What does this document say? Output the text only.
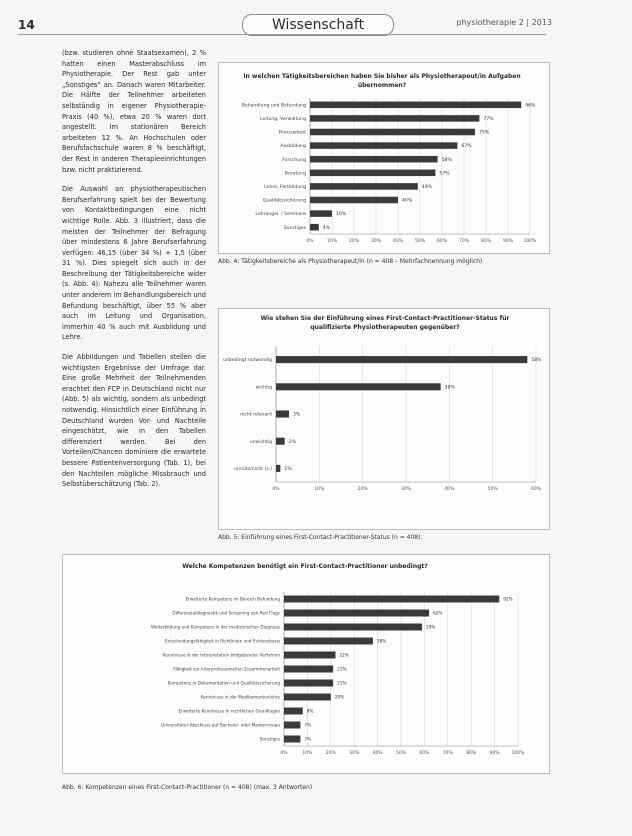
14	Wissenschaft	physiotherapie 2 | 2013

(bzw. studieren ohne Staatsexamen), 2 % hatten einen Masterabschluss im Physiotherapie. Der Rest gab unter „Sonstiges“ an. Danach waren Mitarbeiter. Die Hälfte der Teilnehmer arbeiteten selbständig in eigener Physiotherapie-Praxis (40 %), etwa 20 % waren dort angestellt. Im stationären Bereich arbeiteten 12 %. An Hochschulen oder Berufsfachschule waren 8 % beschäftigt, der Rest in anderen Therapieeinrichtungen bzw. nicht praktizierend.

Die Auswahl an physiotherapeutischen Berufserfahrung spielt bei der Bewertung von Kontaktbedingungen eine nicht wichtige Rolle. Abb. 3 illustriert, dass die meisten der Teilnehmer der Befragung über mindestens 6 Jahre Berufserfahrung verfügen: 46,15 (über 34 %) + 1,5 (über 31 %). Dies spiegelt sich auch in der Beschreibung der Tätigkeitsbereiche wider (s. Abb. 4): Nahezu alle Teilnehmer waren unter anderem im Behandlungsbereich und Befundung beschäftigt, über 55 % aber auch im Leitung und Organisation, immerhin 40 % auch mit Ausbildung und Lehre.

Die Abbildungen und Tabellen stellen die wichtigsten Ergebnisse der Umfrage dar. Eine große Mehrheit der Teilnehmenden erachtet den FCP in Deutschland nicht nur (Abb. 5) als wichtig, sondern als unbedingt notwendig. Hinsichtlich einer Einführung in Deutschland wurden Vor- und Nachteile eingeschätzt, wie in den Tabellen differenziert werden. Bei den Vorteilen/Chancen dominiere die erwartete bessere Patientenversorgung (Tab. 1), bei den Nachteilen mögliche Missbrauch und Selbstüberschätzung (Tab. 2).

In welchen Tätigkeitsbereichen haben Sie bisher als Physiotherapeut/in Aufgaben übernommen?
0%	10%	20%	30%	40%	50%	60%	70%	80%	90% 100%
Behandlung und Befundung	96%
Leitung, Verwaltung	77%
Praxisarbeit	75%
Ausbildung	67%
Forschung	58%
Beratung	57%
Lehre, Fortbildung	49%
Qualitätssicherung	40%
Lehrangel. / Seminare	10%
Sonstiges	4%
Abb. 4: Tätigkeitsbereiche als Physiotherapeut/in (n = 408 – Mehrfachnennung möglich)
Wie stehen Sie der Einführung eines First-Contact-Practitioner-Status für qualifizierte Physiotherapeuten gegenüber?
0%	10%	20%	30%	40%	50%	60%
unbedingt notwendig	58%
wichtig	38%
nicht relevant	3%
unwichtig	2%
unnütz/nicht (s.)	1%
Abb. 5: Einführung eines First-Contact-Practitioner-Status (n = 408).
Welche Kompetenzen benötigt ein First-Contact-Practitioner unbedingt?
0%	10%	20%	30%	40%	50%	60%	70%	80%	90%	100%
Erweiterte Kompetenz im Bereich Befundung	92%
Differenzialdiagnostik und Screening von Red Flags	62%
Weiterbildung und Kompetenz in der medizinischen Diagnose	59%
Entscheidungsfähigkeit in Richtlinien und Evidenzbasis	38%
Kenntnisse in der Interpretation bildgebender Verfahren	22%
Fähigkeit zur interprofessionellen Zusammenarbeit	21%
Kompetenz in Dokumentation und Qualitätssicherung	21%
Kenntnisse in der Medikamentenlehre	20%
Erweiterte Kenntnisse in rechtlichen Grundlagen	8%
Universitärer Abschluss auf Bachelor- oder Masterniveau	7%
Sonstiges	7%
Abb. 6: Kompetenzen eines First-Contact-Practitioner (n = 408) (max. 3 Antworten)
